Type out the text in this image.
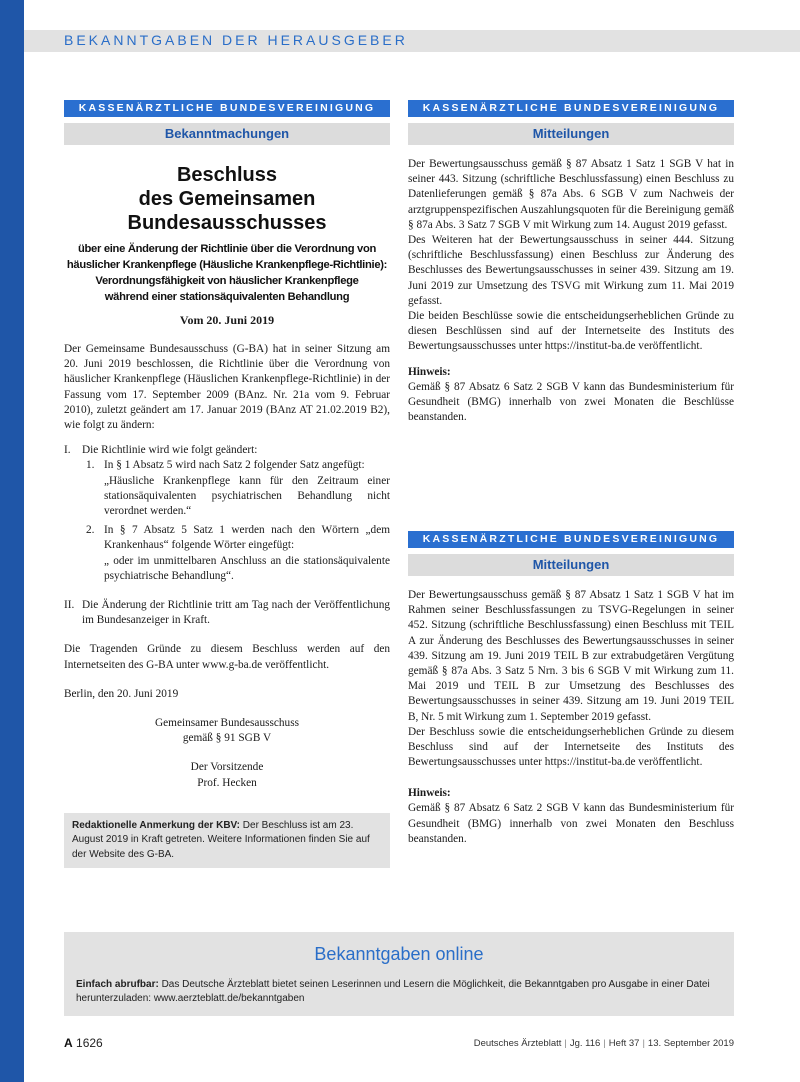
BEKANNTGABEN DER HERAUSGEBER
KASSENÄRZTLICHE BUNDESVEREINIGUNG
Bekanntmachungen
Beschluss
des Gemeinsamen Bundesausschusses
über eine Änderung der Richtlinie über die Verordnung von
häuslicher Krankenpflege (Häusliche Krankenpflege-Richtlinie):
Verordnungsfähigkeit von häuslicher Krankenpflege
während einer stationsäquivalenten Behandlung
Vom 20. Juni 2019

Der Gemeinsame Bundesausschuss (G-BA) hat in seiner Sitzung am 20. Juni 2019 beschlossen, die Richtlinie über die Verordnung von häuslicher Krankenpflege (Häuslichen Krankenpflege-Richtlinie) in der Fassung vom 17. September 2009 (BAnz. Nr. 21a vom 9. Februar 2010), zuletzt geändert am 17. Januar 2019 (BAnz AT 21.02.2019 B2), wie folgt zu ändern:

I. Die Richtlinie wird wie folgt geändert:
1. In § 1 Absatz 5 wird nach Satz 2 folgender Satz angefügt:
„Häusliche Krankenpflege kann für den Zeitraum einer stationsäquivalenten psychiatrischen Behandlung nicht verordnet werden.“
2. In § 7 Absatz 5 Satz 1 werden nach den Wörtern „dem Krankenhaus“ folgende Wörter eingefügt:
„ oder im unmittelbaren Anschluss an die stationsäquivalente psychiatrische Behandlung“.
II. Die Änderung der Richtlinie tritt am Tag nach der Veröffentlichung im Bundesanzeiger in Kraft.

Die Tragenden Gründe zu diesem Beschluss werden auf den Internetseiten des G-BA unter www.g-ba.de veröffentlicht.

Berlin, den 20. Juni 2019

Gemeinsamer Bundesausschuss
gemäß § 91 SGB V
Der Vorsitzende
Prof. Hecken
Redaktionelle Anmerkung der KBV: Der Beschluss ist am 23. August 2019 in Kraft getreten. Weitere Informationen finden Sie auf der Website des G-BA.
KASSENÄRZTLICHE BUNDESVEREINIGUNG
Mitteilungen

Der Bewertungsausschuss gemäß § 87 Absatz 1 Satz 1 SGB V hat in seiner 443. Sitzung (schriftliche Beschlussfassung) einen Beschluss zu Datenlieferungen gemäß § 87a Abs. 6 SGB V zum Nachweis der arztgruppenspezifischen Auszahlungsquoten für die Bereinigung gemäß § 87a Abs. 3 Satz 7 SGB V mit Wirkung zum 14. August 2019 gefasst.

Des Weiteren hat der Bewertungsausschuss in seiner 444. Sitzung (schriftliche Beschlussfassung) einen Beschluss zur Änderung des Beschlusses des Bewertungsausschusses in seiner 439. Sitzung am 19. Juni 2019 zur Umsetzung des TSVG mit Wirkung zum 11. Mai 2019 gefasst.

Die beiden Beschlüsse sowie die entscheidungserheblichen Gründe zu diesen Beschlüssen sind auf der Internetseite des Instituts des Bewertungsausschusses unter https://institut-ba.de veröffentlicht.

Hinweis:

Gemäß § 87 Absatz 6 Satz 2 SGB V kann das Bundesministerium für Gesundheit (BMG) innerhalb von zwei Monaten die Beschlüsse beanstanden.

KASSENÄRZTLICHE BUNDESVEREINIGUNG
Mitteilungen

Der Bewertungsausschuss gemäß § 87 Absatz 1 Satz 1 SGB V hat im Rahmen seiner Beschlussfassungen zu TSVG-Regelungen in seiner 452. Sitzung (schriftliche Beschlussfassung) einen Beschluss mit TEIL A zur Änderung des Beschlusses des Bewertungsausschusses in seiner 439. Sitzung am 19. Juni 2019 TEIL B zur extrabudgetären Vergütung gemäß § 87a Abs. 3 Satz 5 Nrn. 3 bis 6 SGB V mit Wirkung zum 11. Mai 2019 und TEIL B zur Umsetzung des Beschlusses des Bewertungsausschusses in seiner 439. Sitzung am 19. Juni 2019 TEIL B, Nr. 5 mit Wirkung zum 1. September 2019 gefasst.

Der Beschluss sowie die entscheidungserheblichen Gründe zu diesem Beschluss sind auf der Internetseite des Instituts des Bewertungsausschusses unter https://institut-ba.de veröffentlicht.

Hinweis:

Gemäß § 87 Absatz 6 Satz 2 SGB V kann das Bundesministerium für Gesundheit (BMG) innerhalb von zwei Monaten den Beschluss beanstanden.

Bekanntgaben online
Einfach abrufbar: Das Deutsche Ärzteblatt bietet seinen Leserinnen und Lesern die Möglichkeit, die Bekanntgaben pro Ausgabe in einer Datei herunterzuladen: www.aerzteblatt.de/bekanntgaben
A 1626	Deutsches Ärzteblatt | Jg. 116 | Heft 37 | 13. September 2019
